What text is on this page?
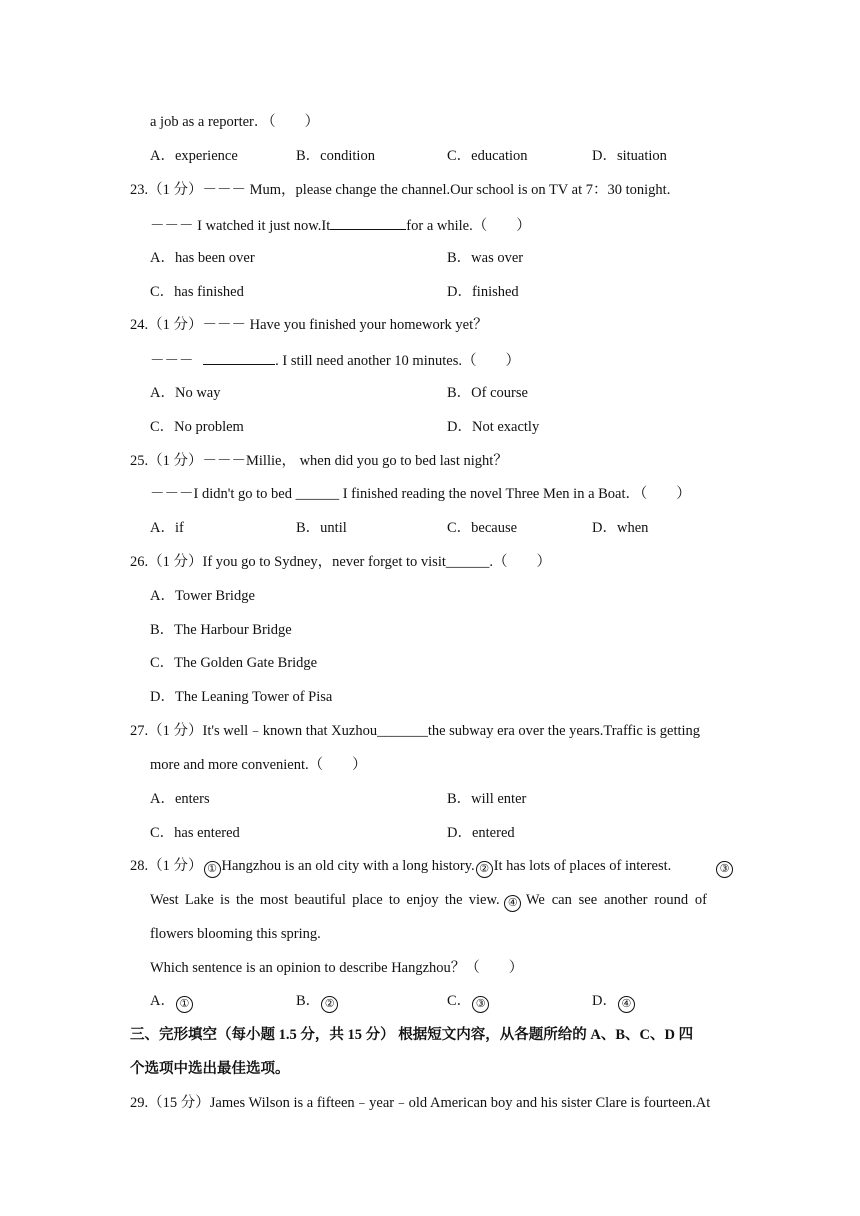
a job as a reporter．（　　）
A．experience	B．condition	C．education	D．situation
23.（1 分）－－－ Mum，please change the channel.Our school is on TV at 7：30 tonight.
－－－ I watched it just now.It	for a while.（　　）
A．has been over	B．was over
C．has finished	D．finished
24.（1 分）－－－ Have you finished your homework yet？
－－－	. I still need another 10 minutes.（　　）
A．No way	B．Of course
C．No problem	D．Not exactly
25.（1 分）－－－Millie， when did you go to bed last night？
－－－I didn't go to bed ______ I finished reading the novel Three Men in a Boat．（　　）
A．if	B．until	C．because	D．when
26.（1 分）If you go to Sydney，never forget to visit______.（　　）
A．Tower Bridge
B．The Harbour Bridge
C．The Golden Gate Bridge
D．The Leaning Tower of Pisa
27.（1 分）It's well﹣known that Xuzhou_______the subway era over the years.Traffic is getting
more and more convenient.（　　）
A．enters	B．will enter
C．has entered	D．entered
28.（1 分） ① Hangzhou is an old city with a long history. ② It has lots of places of interest.	③
West Lake is the most beautiful place to enjoy the view. ④ We can see another round of
flowers blooming this spring.
Which sentence is an opinion to describe Hangzhou？（　　）
A． ①	B． ②	C． ③	D． ④
三、完形填空（每小题 1.5 分，共 15 分） 根据短文内容，从各题所给的 A、B、C、D 四
个选项中选出最佳选项。
29.（15 分）James Wilson is a fifteen﹣year﹣old American boy and his sister Clare is fourteen.At
